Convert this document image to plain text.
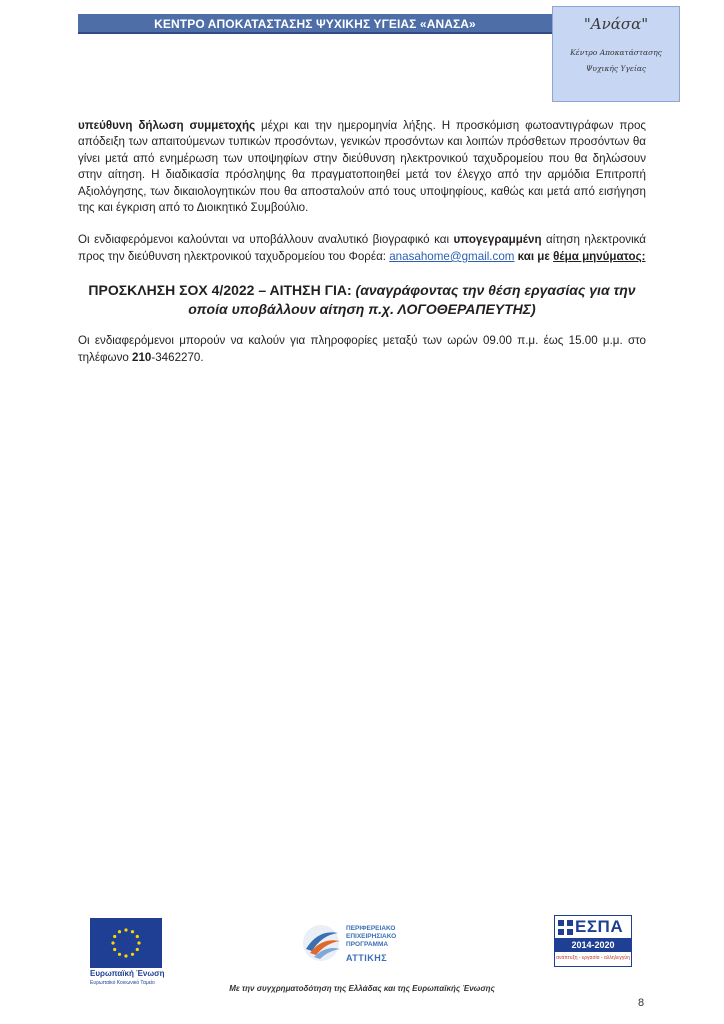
ΚΕΝΤΡΟ ΑΠΟΚΑΤΑΣΤΑΣΗΣ ΨΥΧΙΚΗΣ ΥΓΕΙΑΣ «ΑΝΑΣΑ»	"Ανάσα"
Κέντρο Αποκατάστασης
Ψυχικής Υγείας

υπεύθυνη δήλωση συμμετοχής μέχρι και την ημερομηνία λήξης. Η προσκόμιση φωτοαντιγράφων προς απόδειξη των απαιτούμενων τυπικών προσόντων, γενικών προσόντων και λοιπών πρόσθετων προσόντων θα γίνει μετά από ενημέρωση των υποψηφίων στην διεύθυνση ηλεκτρονικού ταχυδρομείου που θα δηλώσουν στην αίτηση. Η διαδικασία πρόσληψης θα πραγματοποιηθεί μετά τον έλεγχο από την αρμόδια Επιτροπή Αξιολόγησης, των δικαιολογητικών που θα αποσταλούν από τους υποψηφίους, καθώς και μετά από εισήγηση της και έγκριση από το Διοικητικό Συμβούλιο.

Οι ενδιαφερόμενοι καλούνται να υποβάλλουν αναλυτικό βιογραφικό και υπογεγραμμένη αίτηση ηλεκτρονικά προς την διεύθυνση ηλεκτρονικού ταχυδρομείου του Φορέα: anasahome@gmail.com και με θέμα μηνύματος:

ΠΡΟΣΚΛΗΣΗ ΣΟΧ 4/2022 – ΑΙΤΗΣΗ ΓΙΑ: (αναγράφοντας την θέση εργασίας για την οποία υποβάλλουν αίτηση π.χ. ΛΟΓΟΘΕΡΑΠΕΥΤΗΣ)

Οι ενδιαφερόμενοι μπορούν να καλούν για πληροφορίες μεταξύ των ωρών 09.00 π.μ. έως 15.00 μ.μ. στο τηλέφωνο 210-3462270.

Ευρωπαϊκή Ένωση
Ευρωπαϊκό Κοινωνικό Ταμείο
ΠΕΡΙΦΕΡΕΙΑΚΟ
ΕΠΙΧΕΙΡΗΣΙΑΚΟ
ΠΡΟΓΡΑΜΜΑ
ΑΤΤΙΚΗΣ
ΕΣΠΑ
2014-2020
ανάπτυξη - εργασία - αλληλεγγύη
Με την συγχρηματοδότηση της Ελλάδας και της Ευρωπαϊκής Ένωσης
8
